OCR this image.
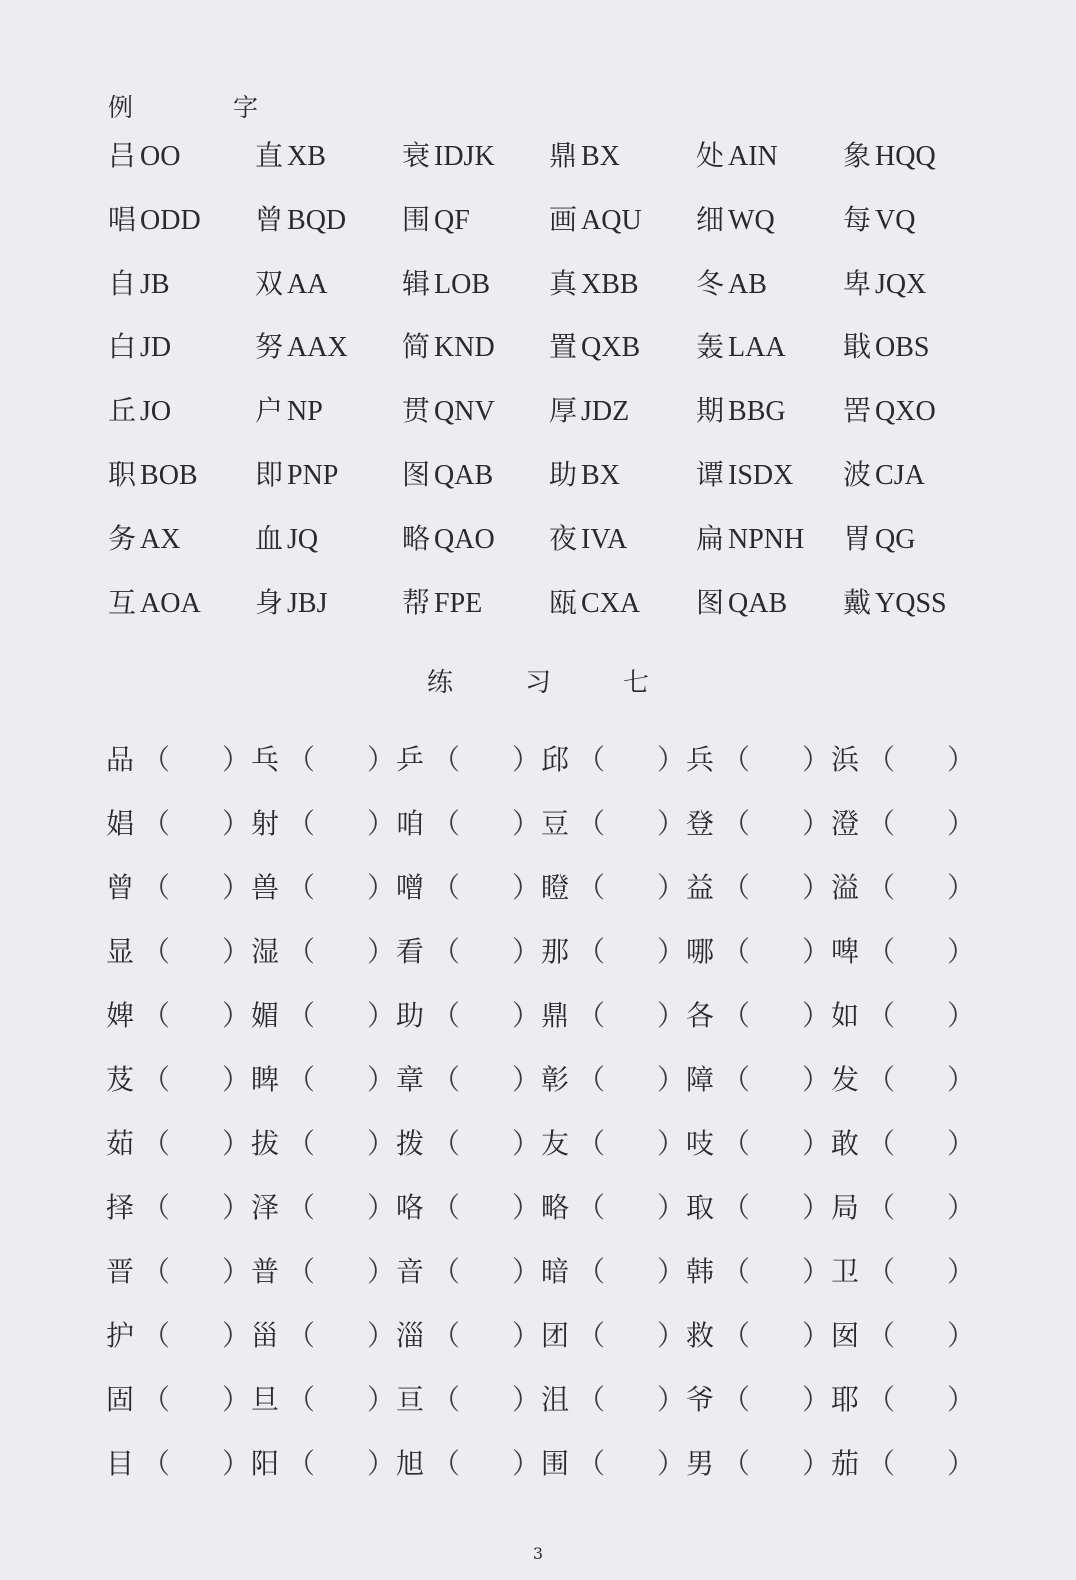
例	字
吕 OO	直 XB	衰 IDJK 鼎 BX	处 AIN 象 HQQ
唱 ODD 曾 BQD 围 QF	画 AQU 细 WQ 每 VQ
自 JB	双 AA	辑 LOB 真 XBB 冬 AB	卑 JQX
白 JD	努 AAX 简 KND 置 QXB 轰 LAA 戢 OBS
丘 JO	户 NP	贯 QNV 厚 JDZ 期 BBG 罟 QXO
职 BOB 即 PNP 图 QAB 助 BX	谭 ISDX 波 CJA
务 AX	血 JQ	略 QAO 夜 IVA 扁 NPNH 胃 QG
互 AOA 身 JBJ	帮 FPE 瓯 CXA 图 QAB 戴 YQSS
练	习	七
品 （ ）乓 （ ）乒 （ ）邱 （ ）兵 （ ）浜 （ ）
娼 （ ）射 （ ）咱 （ ）豆 （ ）登 （ ）澄 （ ）
曾 （ ）兽 （ ）噌 （ ）瞪 （ ）益 （ ）溢 （ ）
显 （ ）湿 （ ）看 （ ）那 （ ）哪 （ ）啤 （ ）
婢 （ ）媚 （ ）助 （ ）鼎 （ ）各 （ ）如 （ ）
芨 （ ）睥 （ ）章 （ ）彰 （ ）障 （ ）发 （ ）
茹 （ ）拔 （ ）拨 （ ）友 （ ）吱 （ ）敢 （ ）
择 （ ）泽 （ ）咯 （ ）略 （ ）取 （ ）局 （ ）
晋 （ ）普 （ ）音 （ ）暗 （ ）韩 （ ）卫 （ ）
护 （ ）甾 （ ）淄 （ ）团 （ ）救 （ ）囡 （ ）
固 （ ）旦 （ ）亘 （ ）沮 （ ）爷 （ ）耶 （ ）
目 （ ）阳 （ ）旭 （ ）围 （ ）男 （ ）茄 （ ）
3
